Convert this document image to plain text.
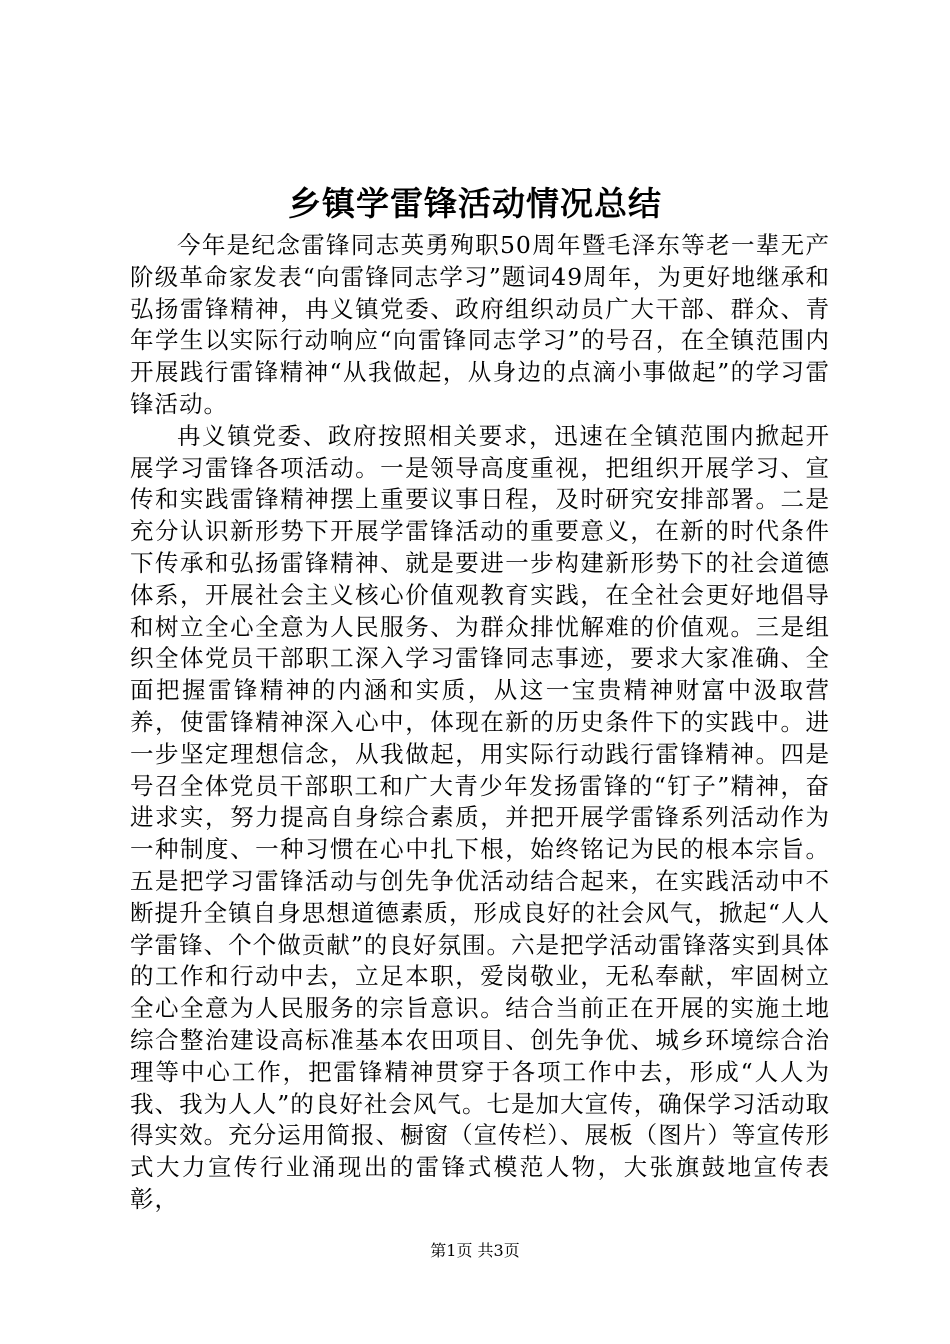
乡镇学雷锋活动情况总结

今年是纪念雷锋同志英勇殉职50周年暨毛泽东等老一辈无产阶级革命家发表“向雷锋同志学习”题词49周年，为更好地继承和弘扬雷锋精神，冉义镇党委、政府组织动员广大干部、群众、青年学生以实际行动响应“向雷锋同志学习”的号召，在全镇范围内开展践行雷锋精神“从我做起，从身边的点滴小事做起”的学习雷锋活动。

冉义镇党委、政府按照相关要求，迅速在全镇范围内掀起开展学习雷锋各项活动。一是领导高度重视，把组织开展学习、宣传和实践雷锋精神摆上重要议事日程，及时研究安排部署。二是充分认识新形势下开展学雷锋活动的重要意义，在新的时代条件下传承和弘扬雷锋精神、就是要进一步构建新形势下的社会道德体系，开展社会主义核心价值观教育实践，在全社会更好地倡导和树立全心全意为人民服务、为群众排忧解难的价值观。三是组织全体党员干部职工深入学习雷锋同志事迹，要求大家准确、全面把握雷锋精神的内涵和实质，从这一宝贵精神财富中汲取营养，使雷锋精神深入心中，体现在新的历史条件下的实践中。进一步坚定理想信念，从我做起，用实际行动践行雷锋精神。四是号召全体党员干部职工和广大青少年发扬雷锋的“钉子”精神，奋进求实，努力提高自身综合素质，并把开展学雷锋系列活动作为一种制度、一种习惯在心中扎下根，始终铭记为民的根本宗旨。五是把学习雷锋活动与创先争优活动结合起来，在实践活动中不断提升全镇自身思想道德素质，形成良好的社会风气，掀起“人人学雷锋、个个做贡献”的良好氛围。六是把学活动雷锋落实到具体的工作和行动中去，立足本职，爱岗敬业，无私奉献，牢固树立全心全意为人民服务的宗旨意识。结合当前正在开展的实施土地综合整治建设高标准基本农田项目、创先争优、城乡环境综合治理等中心工作，把雷锋精神贯穿于各项工作中去，形成“人人为我、我为人人”的良好社会风气。七是加大宣传，确保学习活动取得实效。充分运用简报、橱窗（宣传栏）、展板（图片）等宣传形式大力宣传行业涌现出的雷锋式模范人物，大张旗鼓地宣传表彰，

第1页 共3页
